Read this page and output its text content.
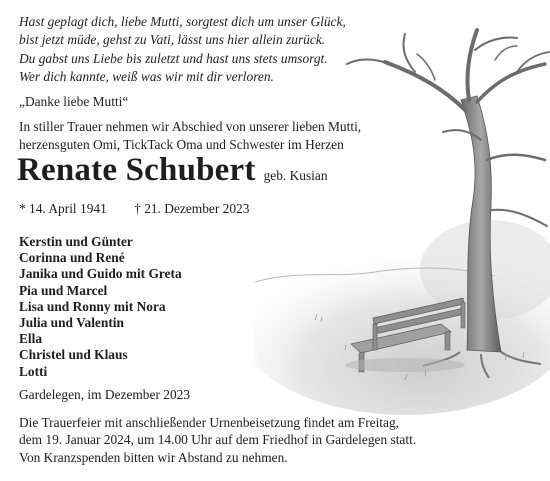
Hast geplagt dich, liebe Mutti, sorgtest dich um unser Glück,
bist jetzt müde, gehst zu Vati, lässt uns hier allein zurück.
Du gabst uns Liebe bis zuletzt und hast uns stets umsorgt.
Wer dich kannte, weiß was wir mit dir verloren.
„Danke liebe Mutti“
In stiller Trauer nehmen wir Abschied von unserer lieben Mutti,
herzensguten Omi, TickTack Oma und Schwester im Herzen
Renate Schubert geb. Kusian
* 14. April 1941 † 21. Dezember 2023
Kerstin und Günter
Corinna und René
Janika und Guido mit Greta
Pia und Marcel
Lisa und Ronny mit Nora
Julia und Valentin
Ella
Christel und Klaus
Lotti
Gardelegen, im Dezember 2023
Die Trauerfeier mit anschließender Urnenbeisetzung findet am Freitag,
dem 19. Januar 2024, um 14.00 Uhr auf dem Friedhof in Gardelegen statt.
Von Kranzspenden bitten wir Abstand zu nehmen.
